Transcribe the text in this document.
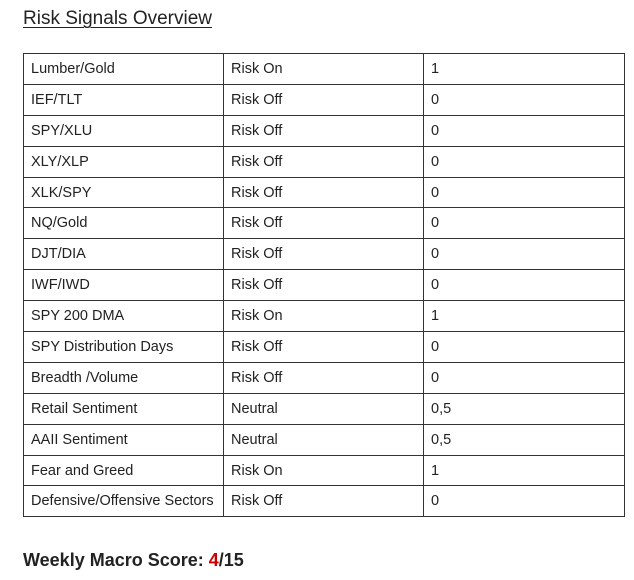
Risk Signals Overview
Lumber/Gold	Risk On	1
IEF/TLT	Risk Off	0
SPY/XLU	Risk Off	0
XLY/XLP	Risk Off	0
XLK/SPY	Risk Off	0
NQ/Gold	Risk Off	0
DJT/DIA	Risk Off	0
IWF/IWD	Risk Off	0
SPY 200 DMA	Risk On	1
SPY Distribution Days	Risk Off	0
Breadth /Volume	Risk Off	0
Retail Sentiment	Neutral	0,5
AAII Sentiment	Neutral	0,5
Fear and Greed	Risk On	1
Defensive/Offensive Sectors	Risk Off	0
Weekly Macro Score: 4/15
